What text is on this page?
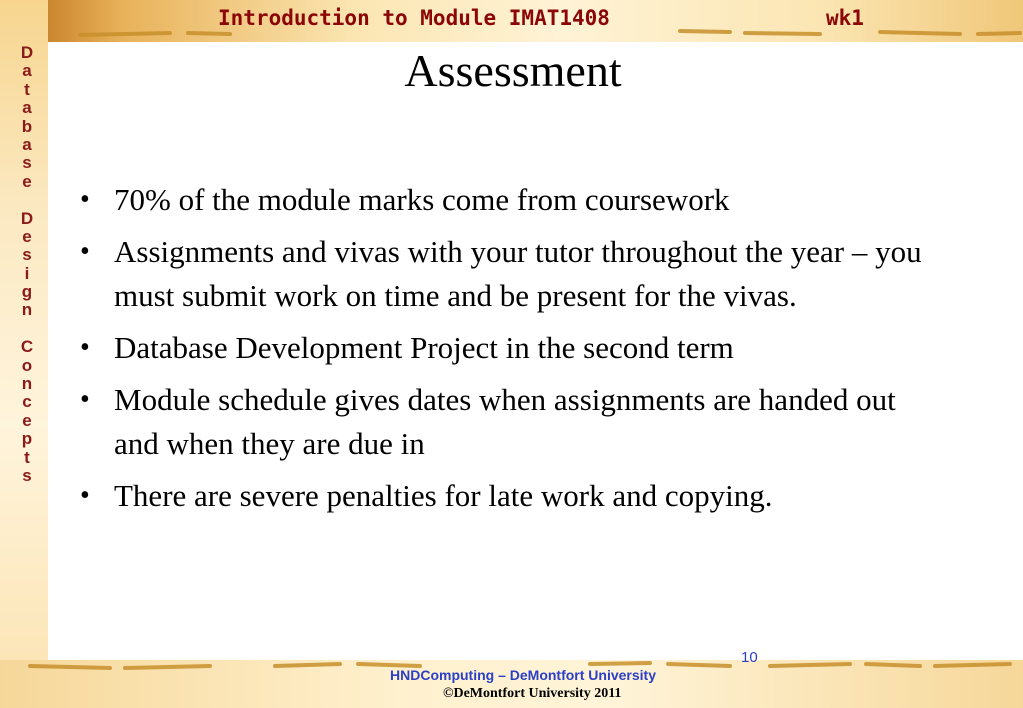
Introduction to Module IMAT1408	wk1
D
a
t
a
b
a
s
e
D
e
s
i
g
n
C
o
n
c
e
p
t
s
Assessment
• 70% of the module marks come from coursework
• Assignments and vivas with your tutor throughout the year – you must submit work on time and be present for the vivas.
• Database Development Project in the second term
• Module schedule gives dates when assignments are handed out and when they are due in
• There are severe penalties for late work and copying.
10
HNDComputing – DeMontfort University
©DeMontfort University 2011
